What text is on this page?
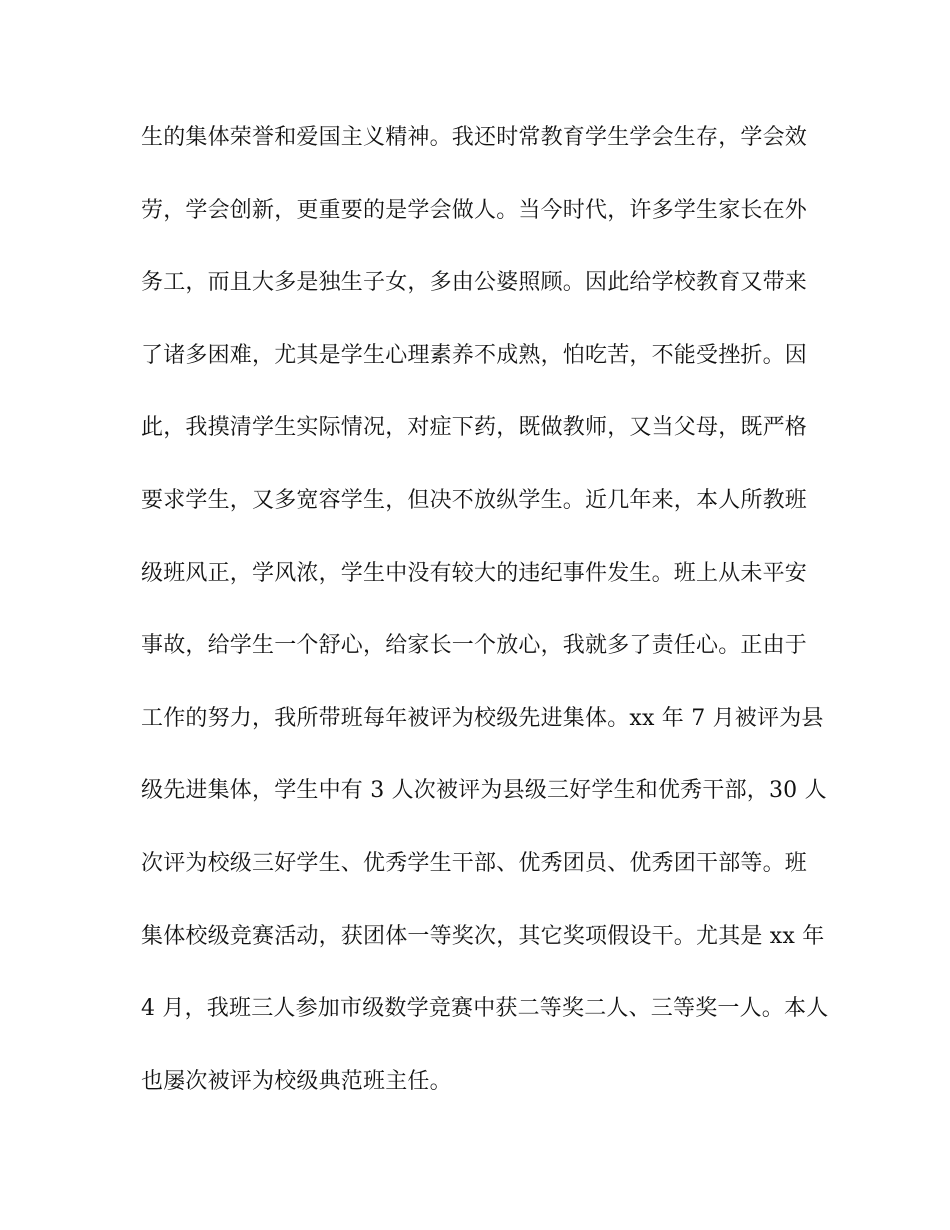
生的集体荣誉和爱国主义精神。我还时常教育学生学会生存，学会效
劳，学会创新，更重要的是学会做人。当今时代，许多学生家长在外
务工，而且大多是独生子女，多由公婆照顾。因此给学校教育又带来
了诸多困难，尤其是学生心理素养不成熟，怕吃苦，不能受挫折。因
此，我摸清学生实际情况，对症下药，既做教师，又当父母，既严格
要求学生，又多宽容学生，但决不放纵学生。近几年来，本人所教班
级班风正，学风浓，学生中没有较大的违纪事件发生。班上从未平安
事故，给学生一个舒心，给家长一个放心，我就多了责任心。正由于
工作的努力，我所带班每年被评为校级先进集体。xx 年 7 月被评为县
级先进集体，学生中有 3 人次被评为县级三好学生和优秀干部，30 人
次评为校级三好学生、优秀学生干部、优秀团员、优秀团干部等。班
集体校级竞赛活动，获团体一等奖次，其它奖项假设干。尤其是 xx 年
4 月，我班三人参加市级数学竞赛中获二等奖二人、三等奖一人。本人
也屡次被评为校级典范班主任。
